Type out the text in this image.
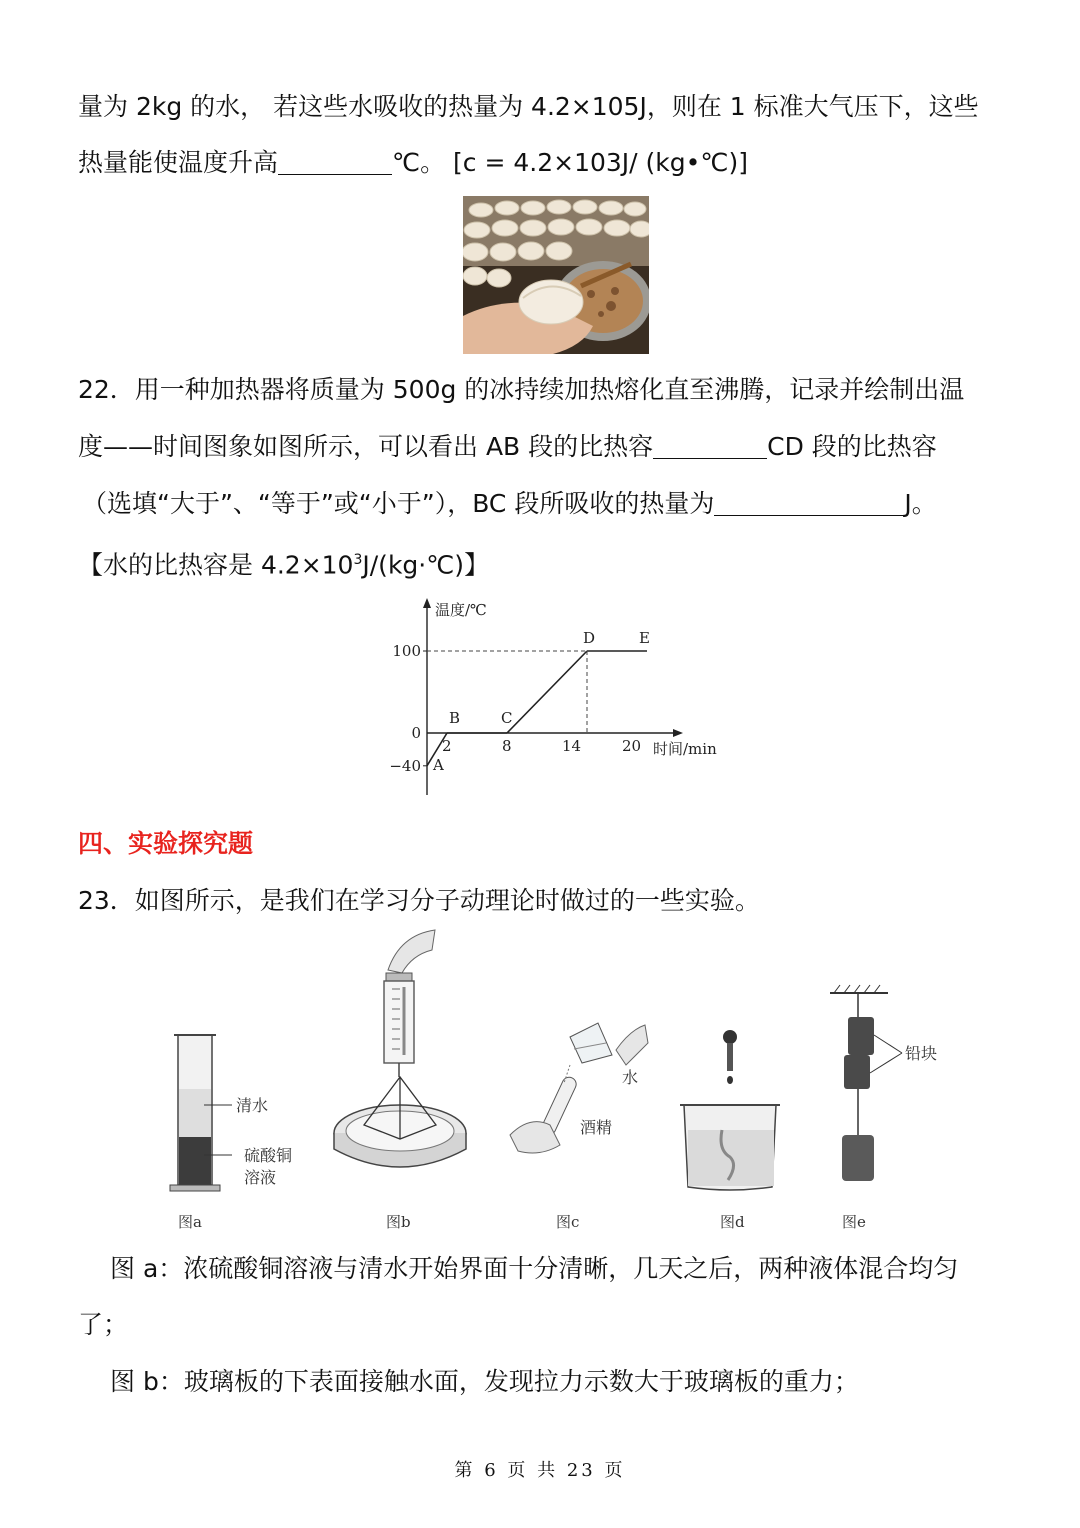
量为 2kg 的水， 若这些水吸收的热量为 4.2×105J，则在 1 标准大气压下，这些
热量能使温度升高	℃。 [c = 4.2×103J/ (kg•℃)]
22．用一种加热器将质量为 500g 的冰持续加热熔化直至沸腾，记录并绘制出温
度——时间图象如图所示，可以看出 AB 段的比热容	CD 段的比热容
（选填“大于”、“等于”或“小于”），BC 段所吸收的热量为	J。
【水的比热容是 $4.2\times 10^3J/(kg\cdot℃)$】
温度/℃
时间/min
A
B	C
D	E
2	8	14	20
100
0
−40
四、实验探究题
23．如图所示，是我们在学习分子动理论时做过的一些实验。
清水
硫酸铜
溶液
水
酒精
铅块
图a	图b	图c	图d	图e
图 a：浓硫酸铜溶液与清水开始界面十分清晰，几天之后，两种液体混合均匀
了；
图 b：玻璃板的下表面接触水面，发现拉力示数大于玻璃板的重力；
第 6 页 共 23 页
